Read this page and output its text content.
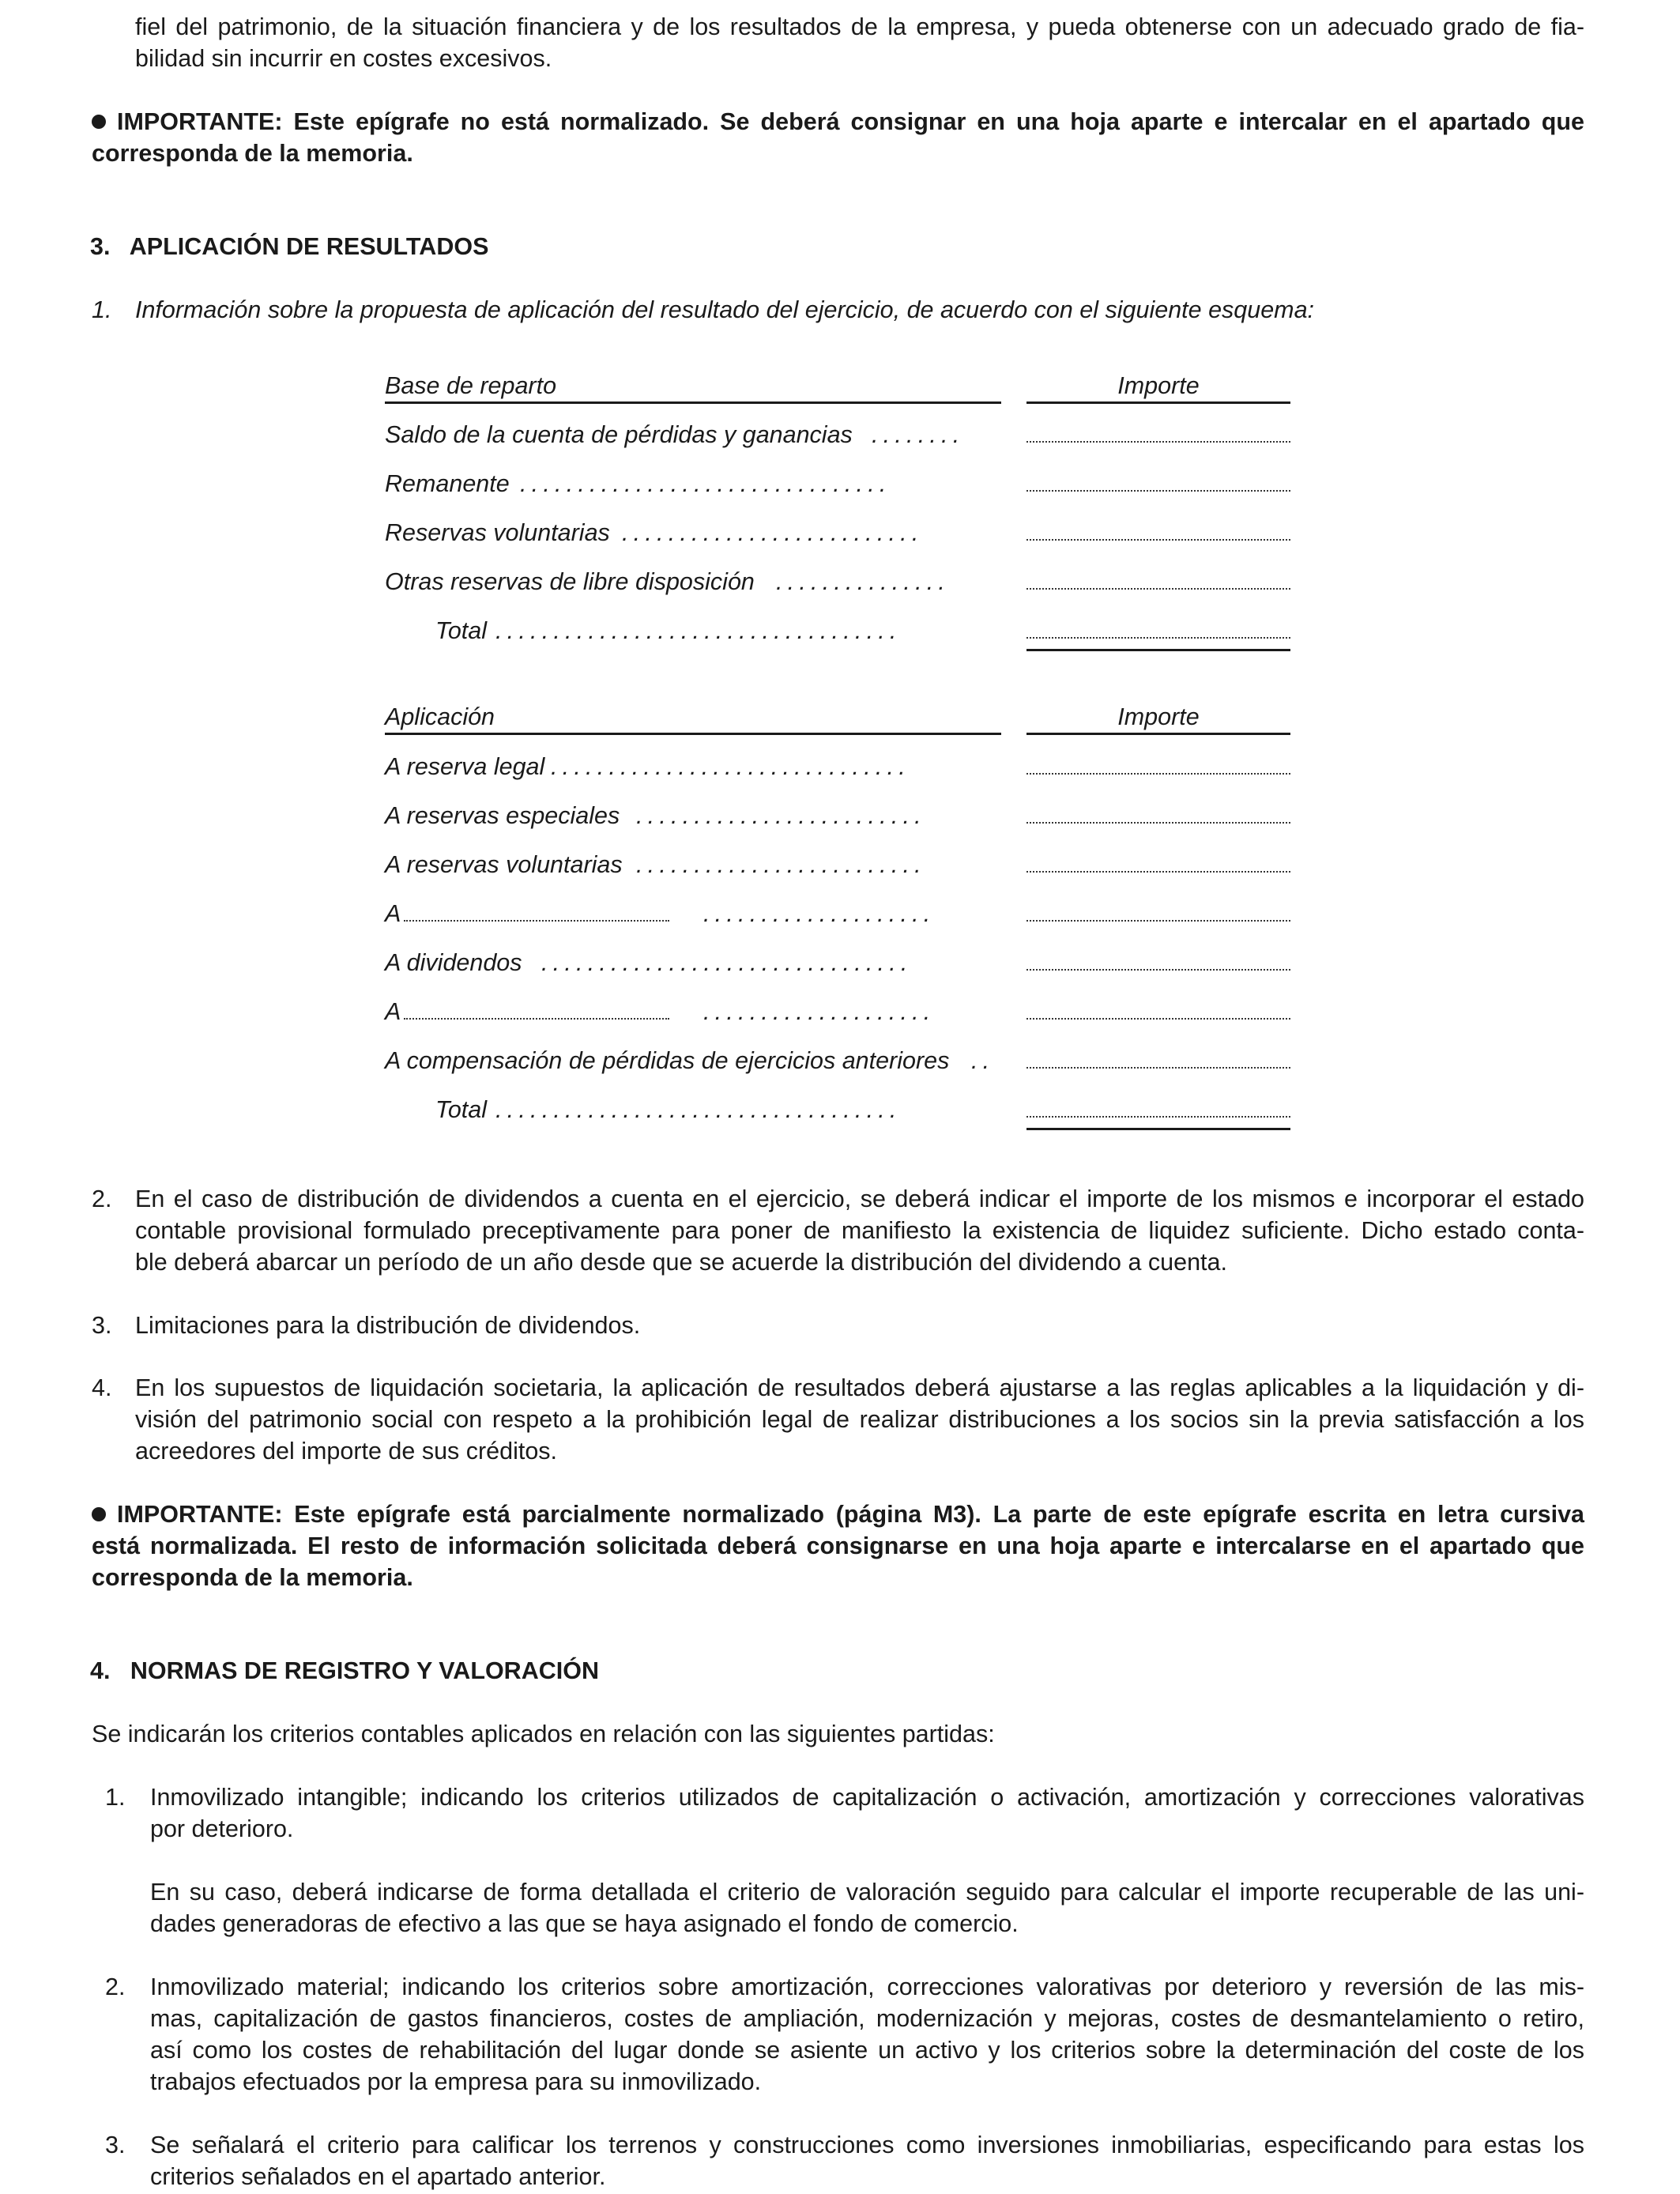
fiel del patrimonio, de la situación financiera y de los resultados de la empresa, y pueda obtenerse con un adecuado grado de fia-
bilidad sin incurrir en costes excesivos.
IMPORTANTE: Este epígrafe no está normalizado. Se deberá consignar en una hoja aparte e intercalar en el apartado que
corresponda de la memoria.
3.   APLICACIÓN DE RESULTADOS
1. Información sobre la propuesta de aplicación del resultado del ejercicio, de acuerdo con el siguiente esquema:
Base de reparto	Importe
Saldo de la cuenta de pérdidas y ganancias ........
Remanente ................................
Reservas voluntarias ..........................
Otras reservas de libre disposición ...............
Total ...................................
Aplicación	Importe
A reserva legal ...............................
A reservas especiales .........................
A reservas voluntarias .........................
A	....................
A dividendos ................................
A	....................
A compensación de pérdidas de ejercicios anteriores ..
Total ...................................
2. En el caso de distribución de dividendos a cuenta en el ejercicio, se deberá indicar el importe de los mismos e incorporar el estado
contable provisional formulado preceptivamente para poner de manifiesto la existencia de liquidez suficiente. Dicho estado conta-
ble deberá abarcar un período de un año desde que se acuerde la distribución del dividendo a cuenta.
3. Limitaciones para la distribución de dividendos.
4. En los supuestos de liquidación societaria, la aplicación de resultados deberá ajustarse a las reglas aplicables a la liquidación y di-
visión del patrimonio social con respeto a la prohibición legal de realizar distribuciones a los socios sin la previa satisfacción a los
acreedores del importe de sus créditos.
IMPORTANTE: Este epígrafe está parcialmente normalizado (página M3). La parte de este epígrafe escrita en letra cursiva
está normalizada. El resto de información solicitada deberá consignarse en una hoja aparte e intercalarse en el apartado que
corresponda de la memoria.
4.   NORMAS DE REGISTRO Y VALORACIÓN
Se indicarán los criterios contables aplicados en relación con las siguientes partidas:
1. Inmovilizado intangible; indicando los criterios utilizados de capitalización o activación, amortización y correcciones valorativas
por deterioro.
En su caso, deberá indicarse de forma detallada el criterio de valoración seguido para calcular el importe recuperable de las uni-
dades generadoras de efectivo a las que se haya asignado el fondo de comercio.
2. Inmovilizado material; indicando los criterios sobre amortización, correcciones valorativas por deterioro y reversión de las mis-
mas, capitalización de gastos financieros, costes de ampliación, modernización y mejoras, costes de desmantelamiento o retiro,
así como los costes de rehabilitación del lugar donde se asiente un activo y los criterios sobre la determinación del coste de los
trabajos efectuados por la empresa para su inmovilizado.
3. Se señalará el criterio para calificar los terrenos y construcciones como inversiones inmobiliarias, especificando para estas los
criterios señalados en el apartado anterior.
